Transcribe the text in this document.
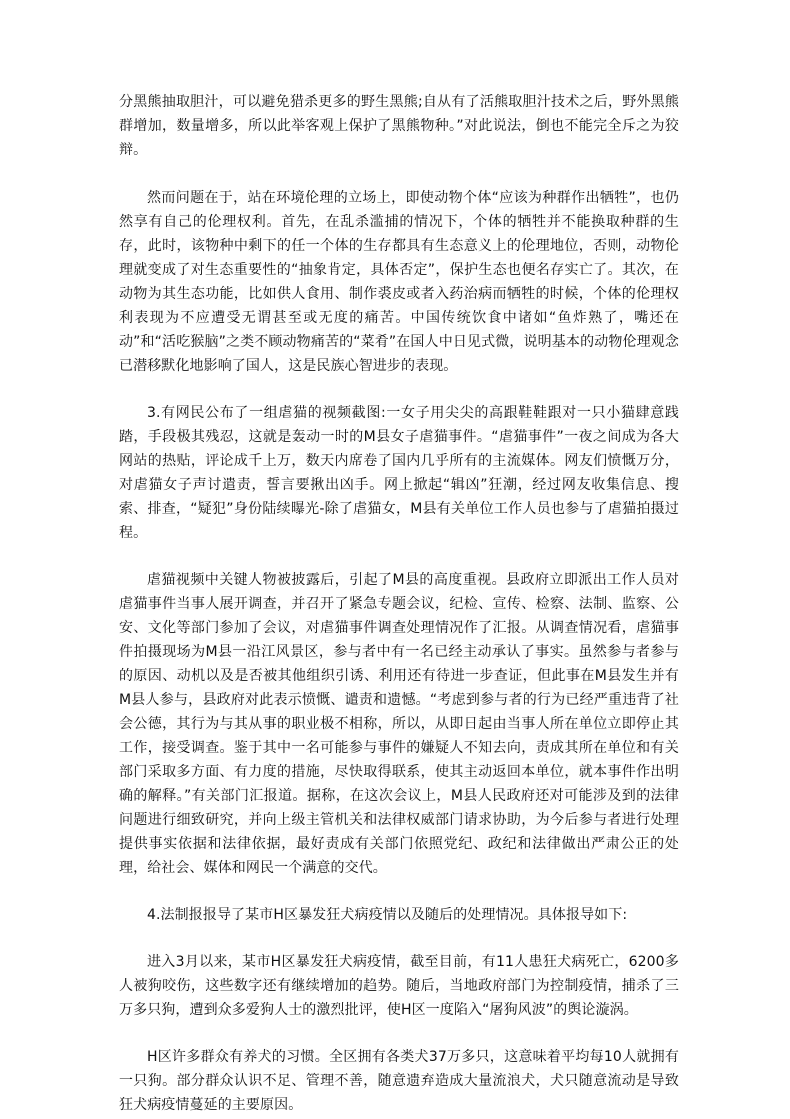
分黑熊抽取胆汁，可以避免猎杀更多的野生黑熊;自从有了活熊取胆汁技术之后，野外黑熊群增加，数量增多，所以此举客观上保护了黑熊物种。”对此说法，倒也不能完全斥之为狡辩。

然而问题在于，站在环境伦理的立场上，即使动物个体“应该为种群作出牺牲”，也仍然享有自己的伦理权利。首先，在乱杀滥捕的情况下，个体的牺牲并不能换取种群的生存，此时，该物种中剩下的任一个体的生存都具有生态意义上的伦理地位，否则，动物伦理就变成了对生态重要性的“抽象肯定，具体否定”，保护生态也便名存实亡了。其次，在动物为其生态功能，比如供人食用、制作裘皮或者入药治病而牺牲的时候，个体的伦理权利表现为不应遭受无谓甚至或无度的痛苦。中国传统饮食中诸如“鱼炸熟了，嘴还在动”和“活吃猴脑”之类不顾动物痛苦的“菜肴”在国人中日见式微，说明基本的动物伦理观念已潜移默化地影响了国人，这是民族心智进步的表现。

3.有网民公布了一组虐猫的视频截图:一女子用尖尖的高跟鞋鞋跟对一只小猫肆意践踏，手段极其残忍，这就是轰动一时的M县女子虐猫事件。“虐猫事件”一夜之间成为各大网站的热贴，评论成千上万，数天内席卷了国内几乎所有的主流媒体。网友们愤慨万分，对虐猫女子声讨遣责，誓言要揪出凶手。网上掀起“辑凶”狂潮，经过网友收集信息、搜索、排查，“疑犯”身份陆续曝光-除了虐猫女，M县有关单位工作人员也参与了虐猫拍摄过程。

虐猫视频中关键人物被披露后，引起了M县的高度重视。县政府立即派出工作人员对虐猫事件当事人展开调查，并召开了紧急专题会议，纪检、宣传、检察、法制、监察、公安、文化等部门参加了会议，对虐猫事件调查处理情况作了汇报。从调查情况看，虐猫事件拍摄现场为M县一沿江风景区，参与者中有一名已经主动承认了事实。虽然参与者参与的原因、动机以及是否被其他组织引诱、利用还有待进一步查证，但此事在M县发生并有M县人参与，县政府对此表示愤慨、谴责和遗憾。“考虑到参与者的行为已经严重违背了社会公德，其行为与其从事的职业极不相称，所以，从即日起由当事人所在单位立即停止其工作，接受调查。鉴于其中一名可能参与事件的嫌疑人不知去向，责成其所在单位和有关部门采取多方面、有力度的措施，尽快取得联系，使其主动返回本单位，就本事件作出明确的解释。”有关部门汇报道。据称，在这次会议上，M县人民政府还对可能涉及到的法律问题进行细致研究，并向上级主管机关和法律权威部门请求协助，为今后参与者进行处理提供事实依据和法律依据，最好责成有关部门依照党纪、政纪和法律做出严肃公正的处理，给社会、媒体和网民一个满意的交代。

4.法制报报导了某市H区暴发狂犬病疫情以及随后的处理情况。具体报导如下:

进入3月以来，某市H区暴发狂犬病疫情，截至目前，有11人患狂犬病死亡，6200多人被狗咬伤，这些数字还有继续增加的趋势。随后，当地政府部门为控制疫情，捕杀了三万多只狗，遭到众多爱狗人士的激烈批评，使H区一度陷入“屠狗风波”的舆论漩涡。

H区许多群众有养犬的习惯。全区拥有各类犬37万多只，这意味着平均每10人就拥有一只狗。部分群众认识不足、管理不善，随意遗弃造成大量流浪犬，犬只随意流动是导致狂犬病疫情蔓延的主要原因。
